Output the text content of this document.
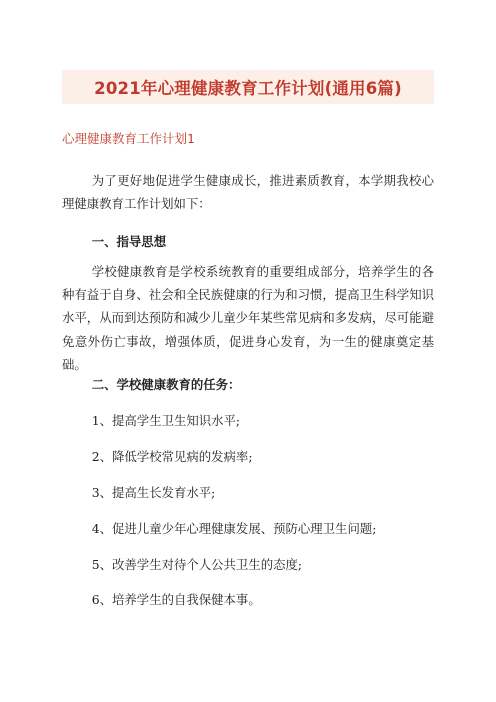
2021年心理健康教育工作计划(通用6篇)
心理健康教育工作计划1

为了更好地促进学生健康成长，推进素质教育，本学期我校心理健康教育工作计划如下：

一、指导思想

学校健康教育是学校系统教育的重要组成部分，培养学生的各种有益于自身、社会和全民族健康的行为和习惯，提高卫生科学知识水平，从而到达预防和减少儿童少年某些常见病和多发病，尽可能避免意外伤亡事故，增强体质，促进身心发育，为一生的健康奠定基础。

二、学校健康教育的任务：
1、提高学生卫生知识水平;
2、降低学校常见病的发病率;
3、提高生长发育水平;
4、促进儿童少年心理健康发展、预防心理卫生问题;
5、改善学生对待个人公共卫生的态度;
6、培养学生的自我保健本事。
